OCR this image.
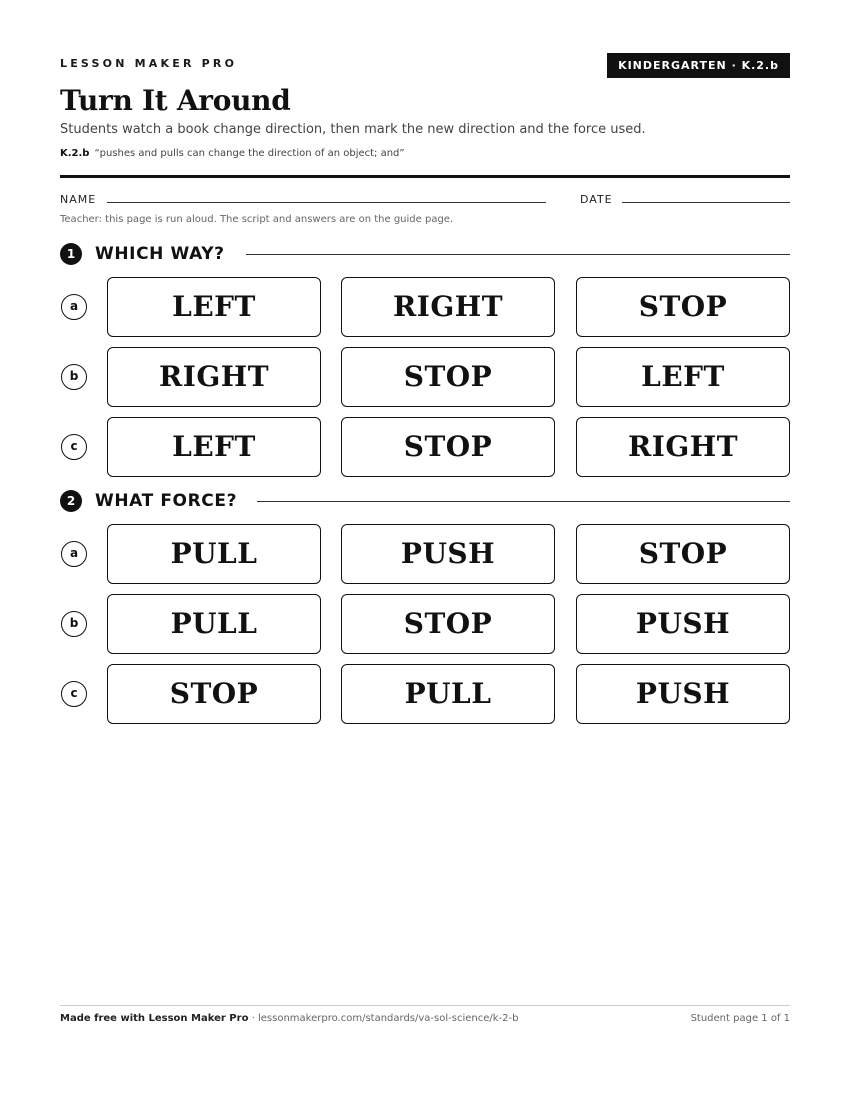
LESSON MAKER PRO	KINDERGARTEN · K.2.b
Turn It Around
Students watch a book change direction, then mark the new direction and the force used.
K.2.b “pushes and pulls can change the direction of an object; and”
NAME	DATE
Teacher: this page is run aloud. The script and answers are on the guide page.
1	WHICH WAY?
a	LEFT	RIGHT	STOP
b	RIGHT	STOP	LEFT
c	LEFT	STOP	RIGHT
2	WHAT FORCE?
a	PULL	PUSH	STOP
b	PULL	STOP	PUSH
c	STOP	PULL	PUSH
Made free with Lesson Maker Pro · lessonmakerpro.com/standards/va-sol-science/k-2-b	Student page 1 of 1
